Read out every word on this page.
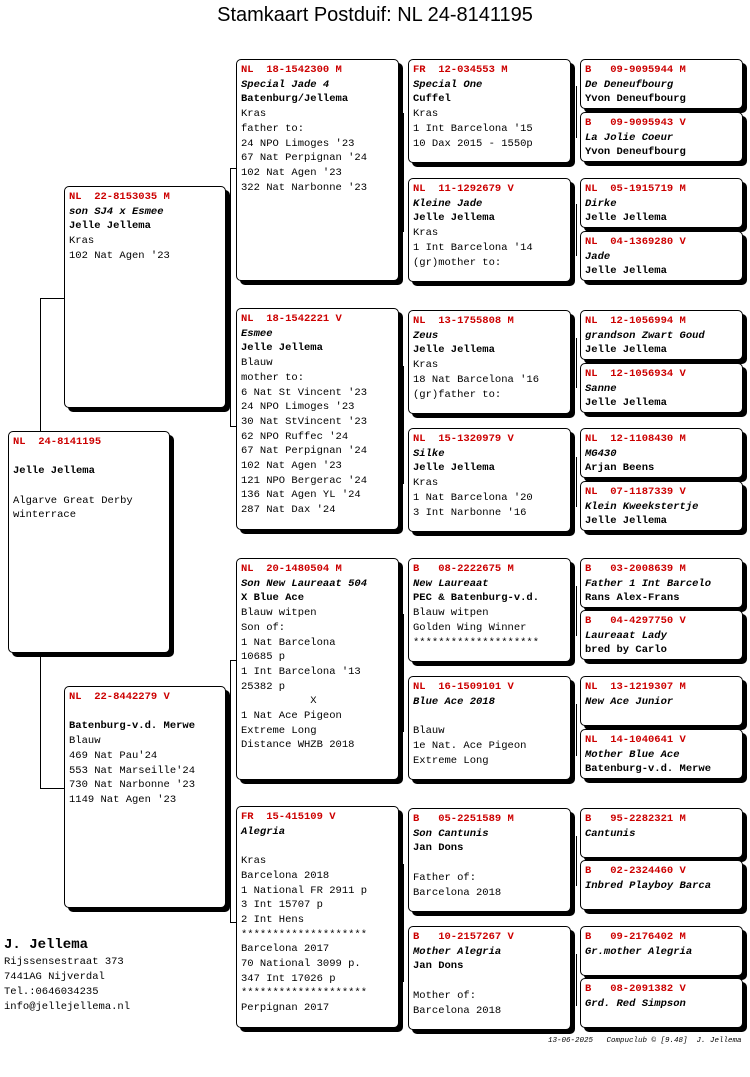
Stamkaart Postduif: NL 24-8141195
NL  24-8141195
Jelle Jellema
Algarve Great Derby
winterrace
NL  22-8153035 M
son SJ4 x Esmee
Jelle Jellema
Kras
102 Nat Agen '23
NL  22-8442279 V
Batenburg-v.d. Merwe
Blauw
469 Nat Pau'24
553 Nat Marseille'24
730 Nat Narbonne '23
1149 Nat Agen '23
NL  18-1542300 M
Special Jade 4
Batenburg/Jellema
Kras
father to:
24 NPO Limoges '23
67 Nat Perpignan '24
102 Nat Agen '23
322 Nat Narbonne '23
NL  18-1542221 V
Esmee
Jelle Jellema
Blauw
mother to:
6 Nat St Vincent '23
24 NPO Limoges '23
30 Nat StVincent '23
62 NPO Ruffec '24
67 Nat Perpignan '24
102 Nat Agen '23
121 NPO Bergerac '24
136 Nat Agen YL '24
287 Nat Dax '24
NL  20-1480504 M
Son New Laureaat 504
X Blue Ace
Blauw witpen
Son of:
1 Nat Barcelona
10685 p
1 Int Barcelona '13
25382 p
X
1 Nat Ace Pigeon
Extreme Long
Distance WHZB 2018
FR  15-415109 V
Alegria
Kras
Barcelona 2018
1 National FR 2911 p
3 Int 15707 p
2 Int Hens
********************
Barcelona 2017
70 National 3099 p.
347 Int 17026 p
********************
Perpignan 2017
FR  12-034553 M
Special One
Cuffel
Kras
1 Int Barcelona '15
10 Dax 2015 - 1550p
NL  11-1292679 V
Kleine Jade
Jelle Jellema
Kras
1 Int Barcelona '14
(gr)mother to:
NL  13-1755808 M
Zeus
Jelle Jellema
Kras
18 Nat Barcelona '16
(gr)father to:
NL  15-1320979 V
Silke
Jelle Jellema
Kras
1 Nat Barcelona '20
3 Int Narbonne '16
B   08-2222675 M
New Laureaat
PEC & Batenburg-v.d.
Blauw witpen
Golden Wing Winner
********************
NL  16-1509101 V
Blue Ace 2018
Blauw
1e Nat. Ace Pigeon
Extreme Long
B   05-2251589 M
Son Cantunis
Jan Dons
Father of:
Barcelona 2018
B   10-2157267 V
Mother Alegria
Jan Dons
Mother of:
Barcelona 2018
B   09-9095944 M
De Deneufbourg
Yvon Deneufbourg
B   09-9095943 V
La Jolie Coeur
Yvon Deneufbourg
NL  05-1915719 M
Dirke
Jelle Jellema
NL  04-1369280 V
Jade
Jelle Jellema
NL  12-1056994 M
grandson Zwart Goud
Jelle Jellema
NL  12-1056934 V
Sanne
Jelle Jellema
NL  12-1108430 M
MG430
Arjan Beens
NL  07-1187339 V
Klein Kweekstertje
Jelle Jellema
B   03-2008639 M
Father 1 Int Barcelo
Rans Alex-Frans
B   04-4297750 V
Laureaat Lady
bred by Carlo
NL  13-1219307 M
New Ace Junior
NL  14-1040641 V
Mother Blue Ace
Batenburg-v.d. Merwe
B   95-2282321 M
Cantunis
B   02-2324460 V
Inbred Playboy Barca
B   09-2176402 M
Gr.mother Alegria
B   08-2091382 V
Grd. Red Simpson
J. Jellema
Rijssensestraat 373
7441AG Nijverdal
Tel.:0646034235
info@jellejellema.nl
13-06-2025   Compuclub © [9.48]  J. Jellema
